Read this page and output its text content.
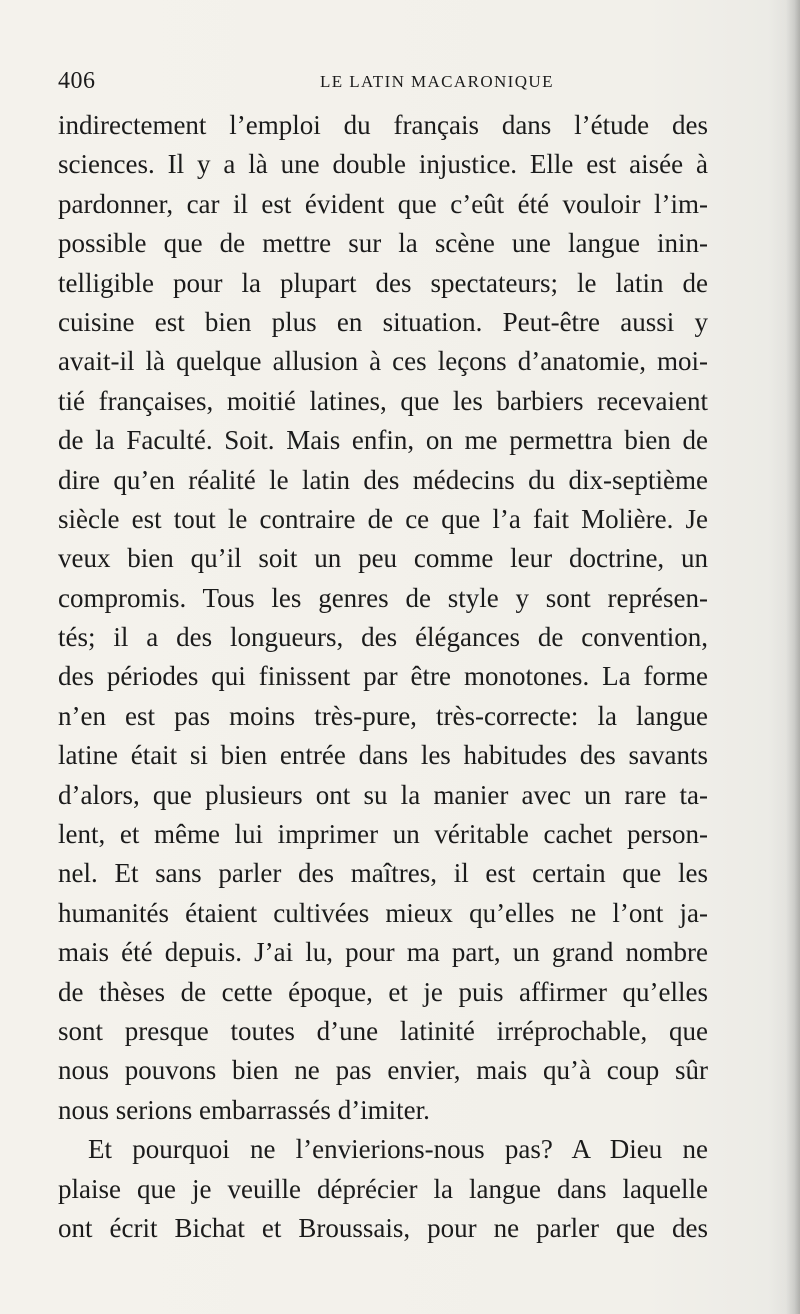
406	LE LATIN MACARONIQUE
indirectement l’emploi du français dans l’étude des
sciences. Il y a là une double injustice. Elle est aisée à
pardonner, car il est évident que c’eût été vouloir l’im-
possible que de mettre sur la scène une langue inin-
telligible pour la plupart des spectateurs; le latin de
cuisine est bien plus en situation. Peut-être aussi y
avait-il là quelque allusion à ces leçons d’anatomie, moi-
tié françaises, moitié latines, que les barbiers recevaient
de la Faculté. Soit. Mais enfin, on me permettra bien de
dire qu’en réalité le latin des médecins du dix-septième
siècle est tout le contraire de ce que l’a fait Molière. Je
veux bien qu’il soit un peu comme leur doctrine, un
compromis. Tous les genres de style y sont représen-
tés; il a des longueurs, des élégances de convention,
des périodes qui finissent par être monotones. La forme
n’en est pas moins très-pure, très-correcte: la langue
latine était si bien entrée dans les habitudes des savants
d’alors, que plusieurs ont su la manier avec un rare ta-
lent, et même lui imprimer un véritable cachet person-
nel. Et sans parler des maîtres, il est certain que les
humanités étaient cultivées mieux qu’elles ne l’ont ja-
mais été depuis. J’ai lu, pour ma part, un grand nombre
de thèses de cette époque, et je puis affirmer qu’elles
sont presque toutes d’une latinité irréprochable, que
nous pouvons bien ne pas envier, mais qu’à coup sûr
nous serions embarrassés d’imiter.
Et pourquoi ne l’envierions-nous pas? A Dieu ne
plaise que je veuille déprécier la langue dans laquelle
ont écrit Bichat et Broussais, pour ne parler que des
